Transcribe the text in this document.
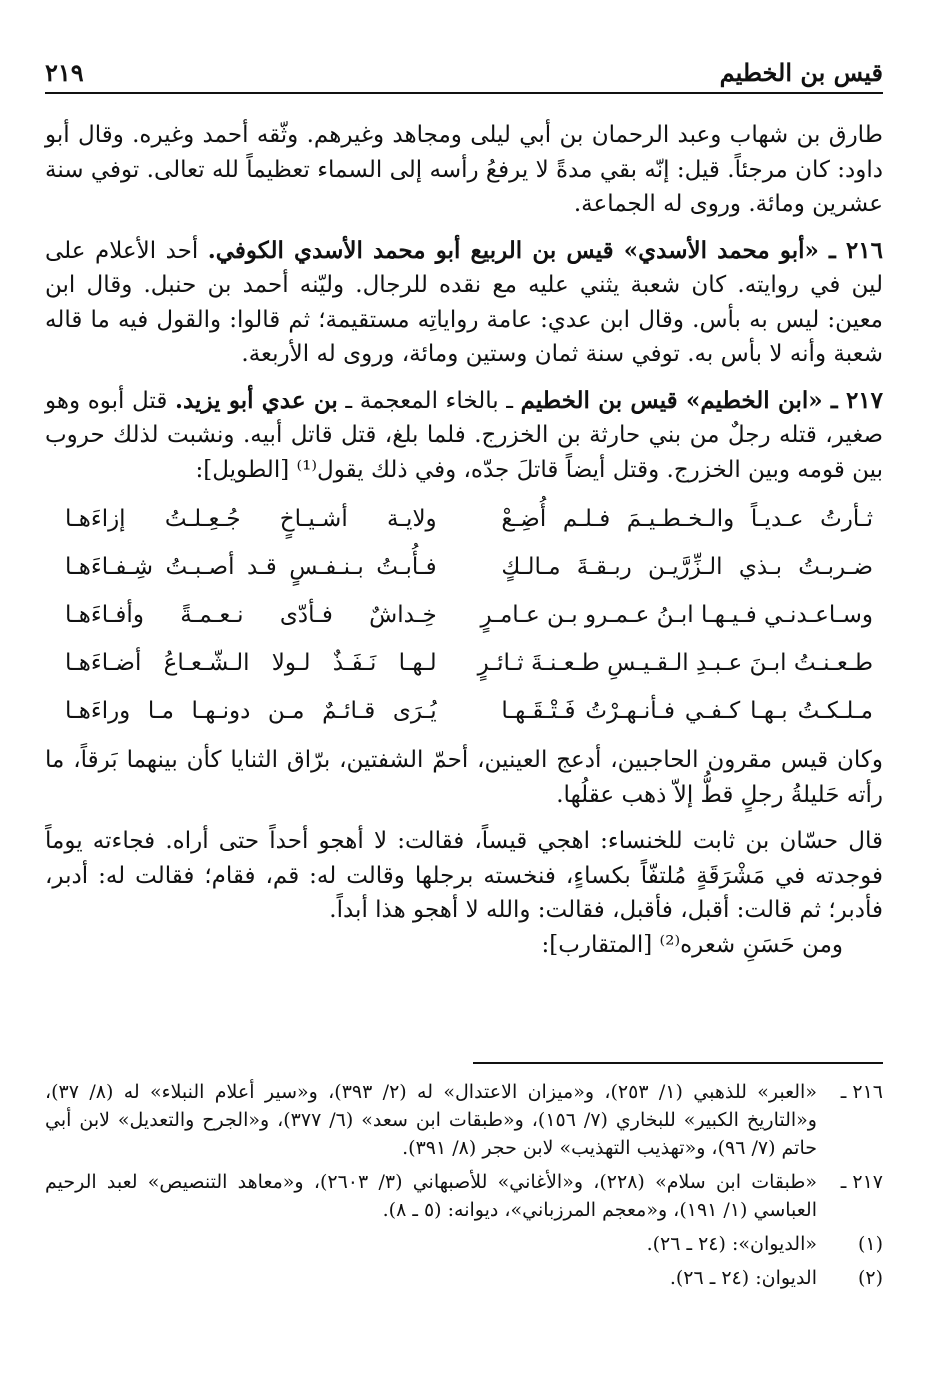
قيس بن الخطيم
٢١٩

طارق بن شهاب وعبد الرحمان بن أبي ليلى ومجاهد وغيرهم. وثّقه أحمد وغيره. وقال أبو داود: كان مرجئاً. قيل: إنّه بقي مدةً لا يرفعُ رأسه إلى السماء تعظيماً لله تعالى. توفي سنة عشرين ومائة. وروى له الجماعة.

٢١٦ ـ «أبو محمد الأسدي» قيس بن الربيع أبو محمد الأسدي الكوفي. أحد الأعلام على لين في روايته. كان شعبة يثني عليه مع نقده للرجال. وليّنه أحمد بن حنبل. وقال ابن معين: ليس به بأس. وقال ابن عدي: عامة رواياتِه مستقيمة؛ ثم قالوا: والقول فيه ما قاله شعبة وأنه لا بأس به. توفي سنة ثمان وستين ومائة، وروى له الأربعة.

٢١٧ ـ «ابن الخطيم» قيس بن الخطيم ـ بالخاء المعجمة ـ بن عدي أبو يزيد. قتل أبوه وهو صغير، قتله رجلٌ من بني حارثة بن الخزرج. فلما بلغ، قتل قاتل أبيه. ونشبت لذلك حروب بين قومه وبين الخزرج. وقتل أيضاً قاتلَ جدّه، وفي ذلك يقول⁽¹⁾ [الطويل]:

ثـأرتُ عـديـاً والـخـطـيـمَ فـلـم أُضِـعْ
ولايـة أشـيـاخٍ جُـعِـلـتُ إزاءَهـا
ضـربـتُ بـذي الـزِّرَّيـن ربـقـةَ مـالـكٍ
فـأُبـتُ بـنـفـسٍ قـد أصـبـتُ شِـفـاءَهـا
وسـاعـدنـي فـيـهـا ابـنُ عـمـرو بـن عـامـرٍ
خِـداشٌ فـأدّى نـعـمـةً وأفـاءَهـا
طـعـنـتُ ابـنَ عـبـدِ الـقـيـسِ طـعـنـةَ ثـائـرٍ
لـهـا نَـفَـذٌ لـولا الـشّـعـاعُ أضـاءَهـا
مـلـكـتُ بـهـا كـفـي فـأنـهـرْتُ فَـتْـقَـهـا
يُـرَى قـائـمٌ مـن دونـهـا مـا وراءَهـا

وكان قيس مقرون الحاجبين، أدعج العينين، أحمّ الشفتين، برّاق الثنايا كأن بينهما بَرقاً، ما رأته حَليلةُ رجلٍ قطُّ إلاّ ذهب عقلُها.

قال حسّان بن ثابت للخنساء: اهجي قيساً، فقالت: لا أهجو أحداً حتى أراه. فجاءته يوماً فوجدته في مَشْرَقَةٍ مُلتفّاً بكساءٍ، فنخسته برجلها وقالت له: قم، فقام؛ فقالت له: أدبر، فأدبر؛ ثم قالت: أقبل، فأقبل، فقالت: والله لا أهجو هذا أبداً.

ومن حَسَنِ شعره⁽²⁾ [المتقارب]:

٢١٦ ـ
«العبر» للذهبي (١/ ٢٥٣)، و«ميزان الاعتدال» له (٢/ ٣٩٣)، و«سير أعلام النبلاء» له (٨/ ٣٧)، و«التاريخ الكبير» للبخاري (٧/ ١٥٦)، و«طبقات ابن سعد» (٦/ ٣٧٧)، و«الجرح والتعديل» لابن أبي حاتم (٧/ ٩٦)، و«تهذيب التهذيب» لابن حجر (٨/ ٣٩١).
٢١٧ ـ
«طبقات ابن سلام» (٢٢٨)، و«الأغاني» للأصبهاني (٣/ ٢٦٠٣)، و«معاهد التنصيص» لعبد الرحيم العباسي (١/ ١٩١)، و«معجم المرزباني»، ديوانه: (٥ ـ ٨).
(١)
«الديوان»: (٢٤ ـ ٢٦).
(٢)
الديوان: (٢٤ ـ ٢٦).
